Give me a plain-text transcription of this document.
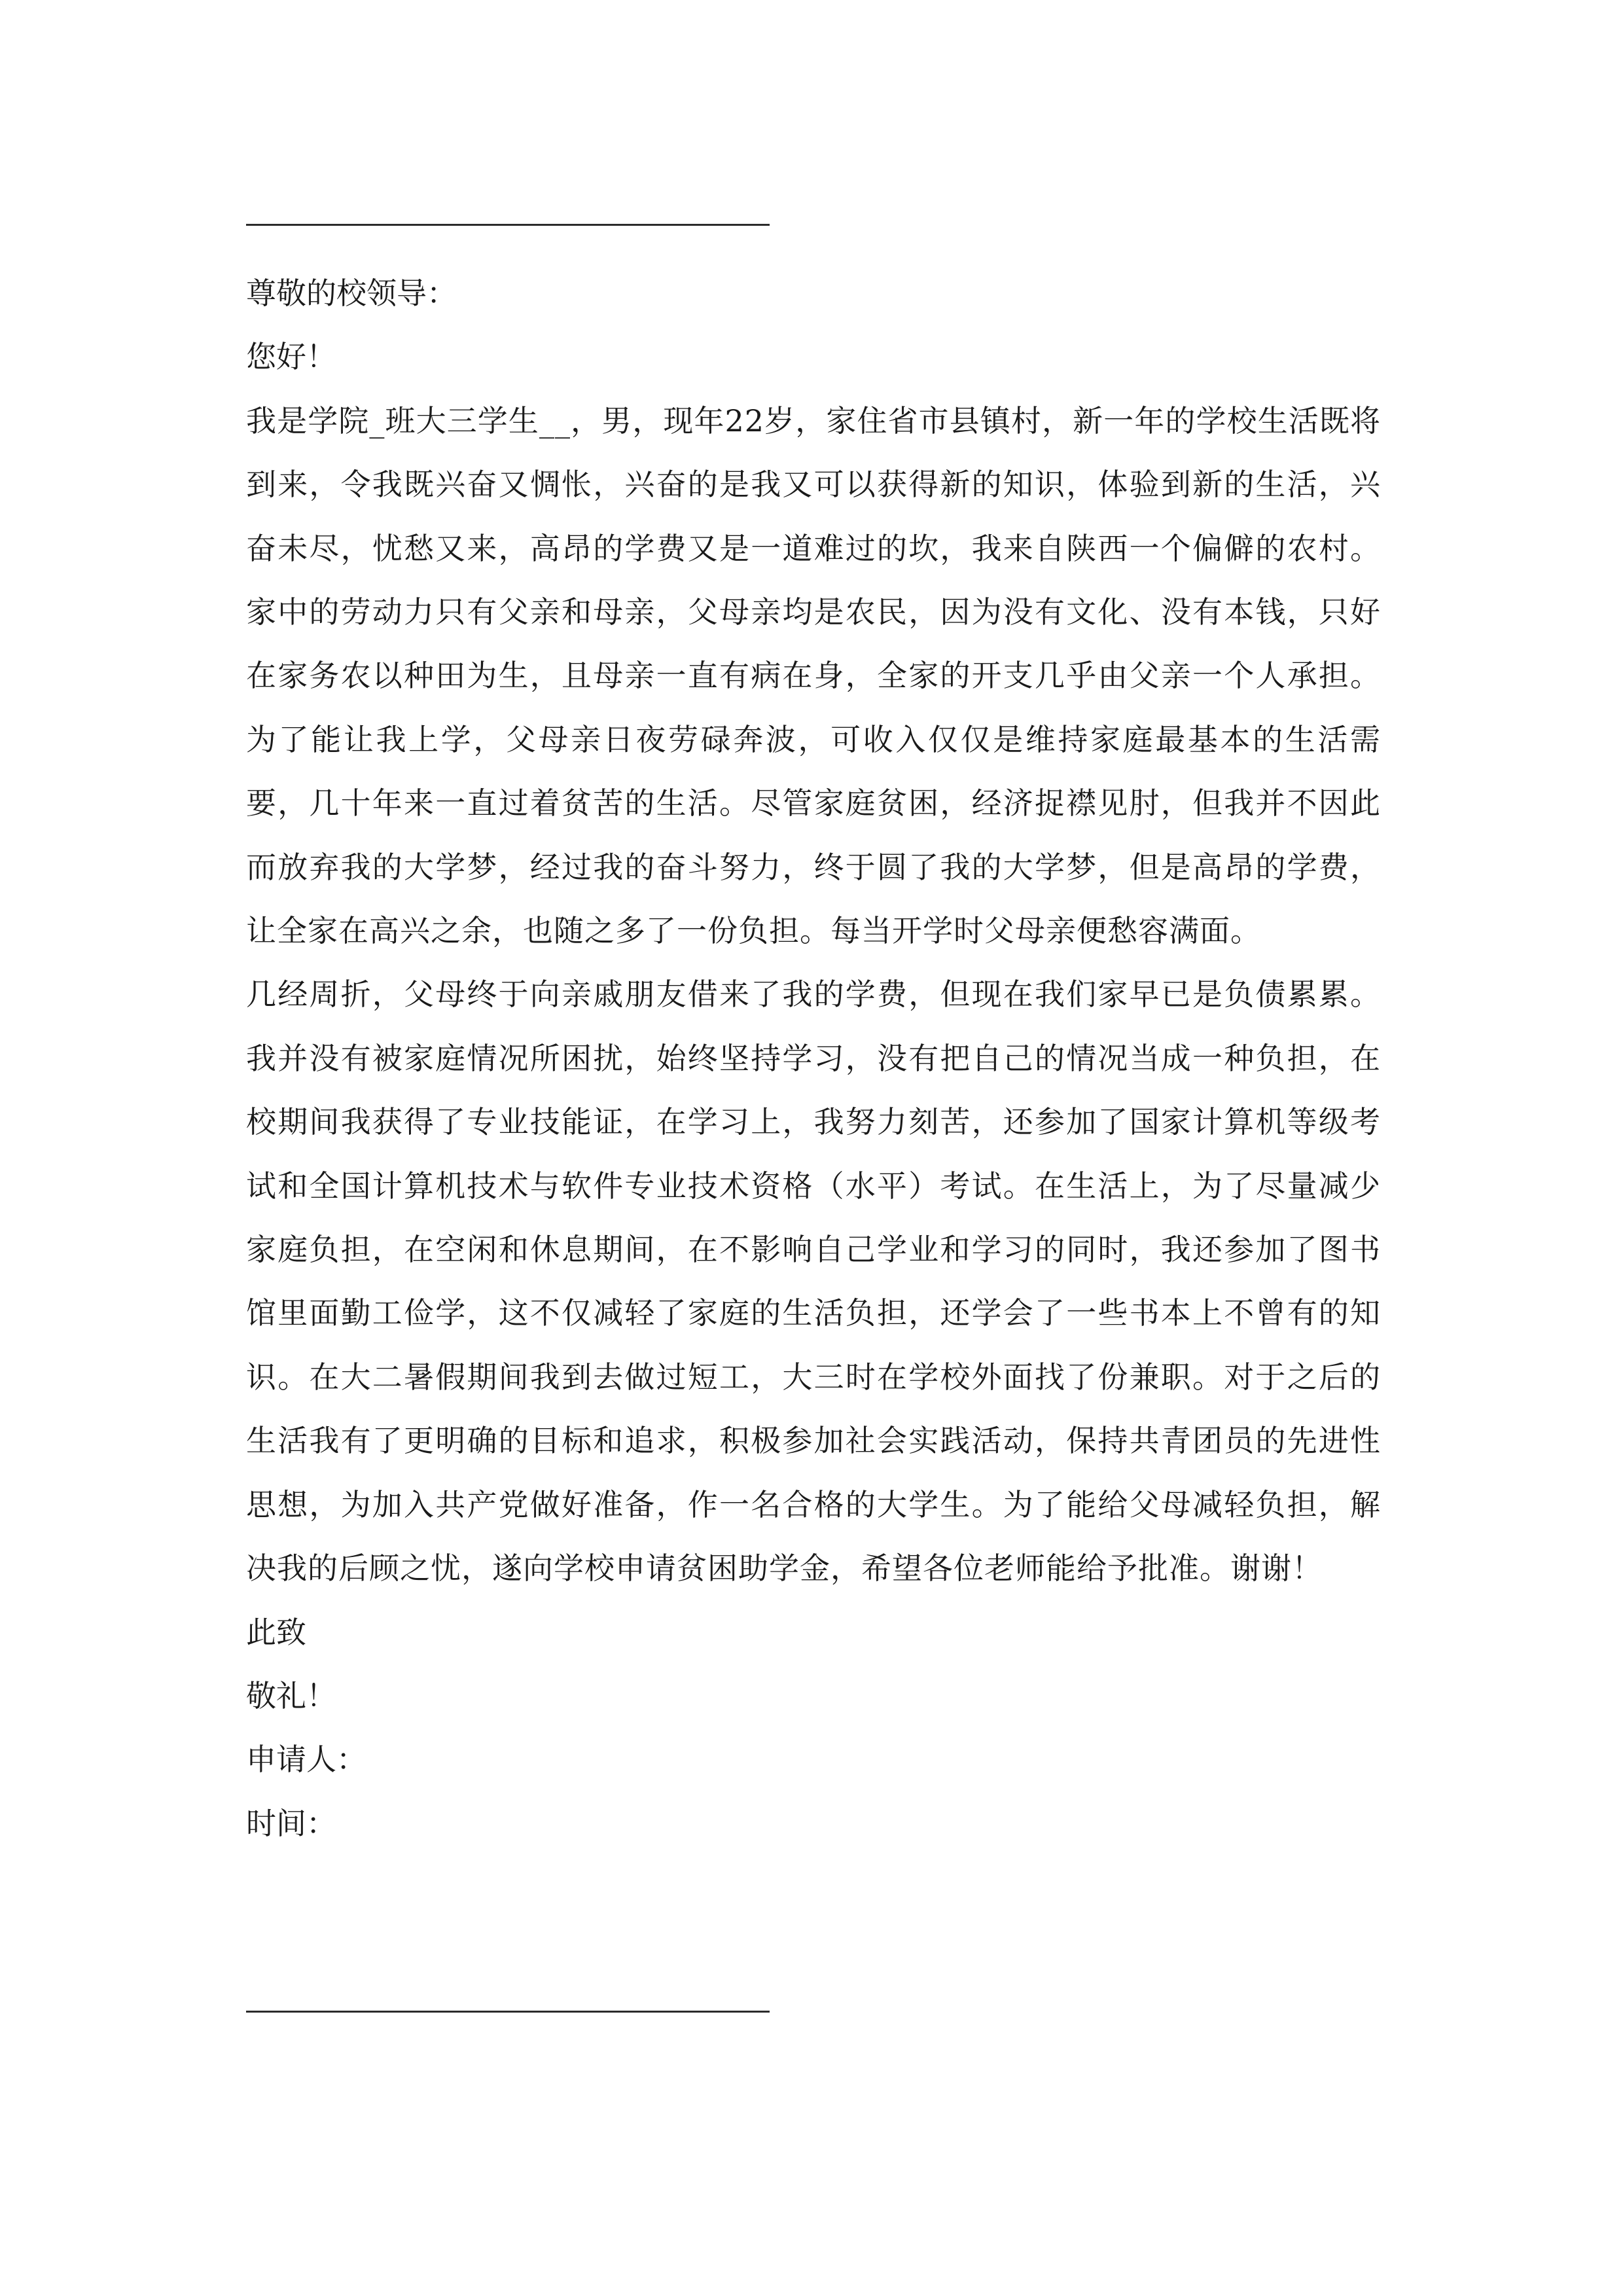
尊敬的校领导：
您好！
我是学院_班大三学生__，男，现年22岁，家住省市县镇村，新一年的学校生活既将到来，令我既兴奋又惆怅，兴奋的是我又可以获得新的知识，体验到新的生活，兴奋未尽，忧愁又来，高昂的学费又是一道难过的坎，我来自陕西一个偏僻的农村。家中的劳动力只有父亲和母亲，父母亲均是农民，因为没有文化、没有本钱，只好在家务农以种田为生，且母亲一直有病在身，全家的开支几乎由父亲一个人承担。为了能让我上学，父母亲日夜劳碌奔波，可收入仅仅是维持家庭最基本的生活需要，几十年来一直过着贫苦的生活。尽管家庭贫困，经济捉襟见肘，但我并不因此而放弃我的大学梦，经过我的奋斗努力，终于圆了我的大学梦，但是高昂的学费，让全家在高兴之余，也随之多了一份负担。每当开学时父母亲便愁容满面。
几经周折，父母终于向亲戚朋友借来了我的学费，但现在我们家早已是负债累累。我并没有被家庭情况所困扰，始终坚持学习，没有把自己的情况当成一种负担，在校期间我获得了专业技能证，在学习上，我努力刻苦，还参加了国家计算机等级考试和全国计算机技术与软件专业技术资格（水平）考试。在生活上，为了尽量减少家庭负担，在空闲和休息期间，在不影响自己学业和学习的同时，我还参加了图书馆里面勤工俭学，这不仅减轻了家庭的生活负担，还学会了一些书本上不曾有的知识。在大二暑假期间我到去做过短工，大三时在学校外面找了份兼职。对于之后的生活我有了更明确的目标和追求，积极参加社会实践活动，保持共青团员的先进性思想，为加入共产党做好准备，作一名合格的大学生。为了能给父母减轻负担，解决我的后顾之忧，遂向学校申请贫困助学金，希望各位老师能给予批准。谢谢！
此致
敬礼！
申请人：
时间：
